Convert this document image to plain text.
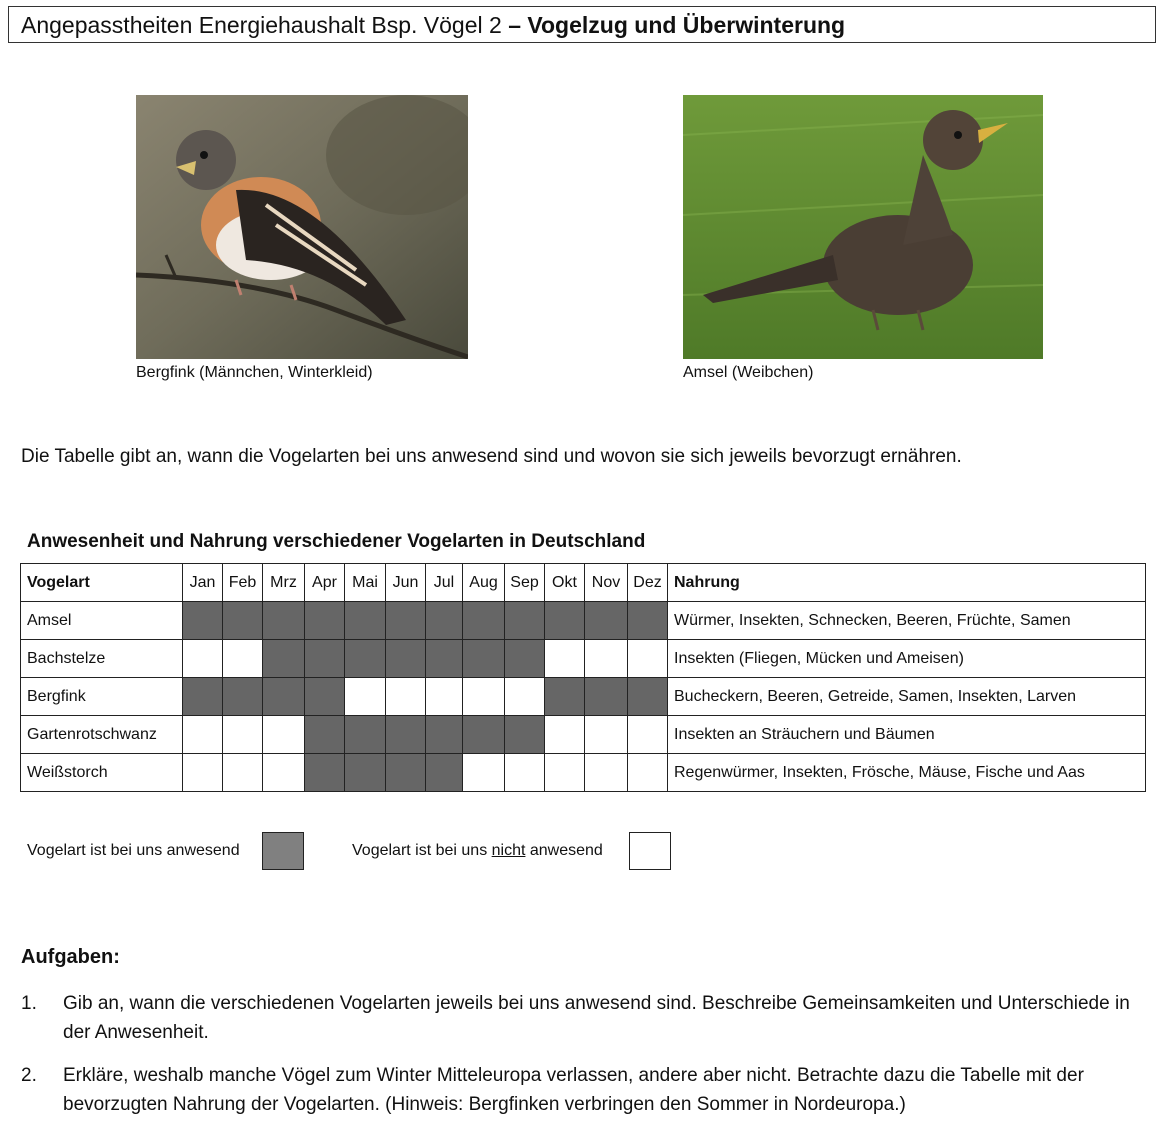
Angepasstheiten Energiehaushalt Bsp. Vögel 2 – Vogelzug und Überwinterung
Bergfink (Männchen, Winterkleid)	Amsel (Weibchen)
Die Tabelle gibt an, wann die Vogelarten bei uns anwesend sind und wovon sie sich jeweils bevorzugt ernähren.
Anwesenheit und Nahrung verschiedener Vogelarten in Deutschland
Vogelart	Jan	Feb	Mrz	Apr	Mai	Jun	Jul	Aug	Sep	Okt	Nov	Dez	Nahrung
Amsel													Würmer, Insekten, Schnecken, Beeren, Früchte, Samen
Bachstelze													Insekten (Fliegen, Mücken und Ameisen)
Bergfink													Bucheckern, Beeren, Getreide, Samen, Insekten, Larven
Gartenrotschwanz													Insekten an Sträuchern und Bäumen
Weißstorch													Regenwürmer, Insekten, Frösche, Mäuse, Fische und Aas
Vogelart ist bei uns anwesend	Vogelart ist bei uns nicht anwesend
Aufgaben:
1. Gib an, wann die verschiedenen Vogelarten jeweils bei uns anwesend sind. Beschreibe Gemeinsamkeiten und Unterschiede in der Anwesenheit.
2. Erkläre, weshalb manche Vögel zum Winter Mitteleuropa verlassen, andere aber nicht. Betrachte dazu die Tabelle mit der bevorzugten Nahrung der Vogelarten. (Hinweis: Bergfinken verbringen den Sommer in Nordeuropa.)
